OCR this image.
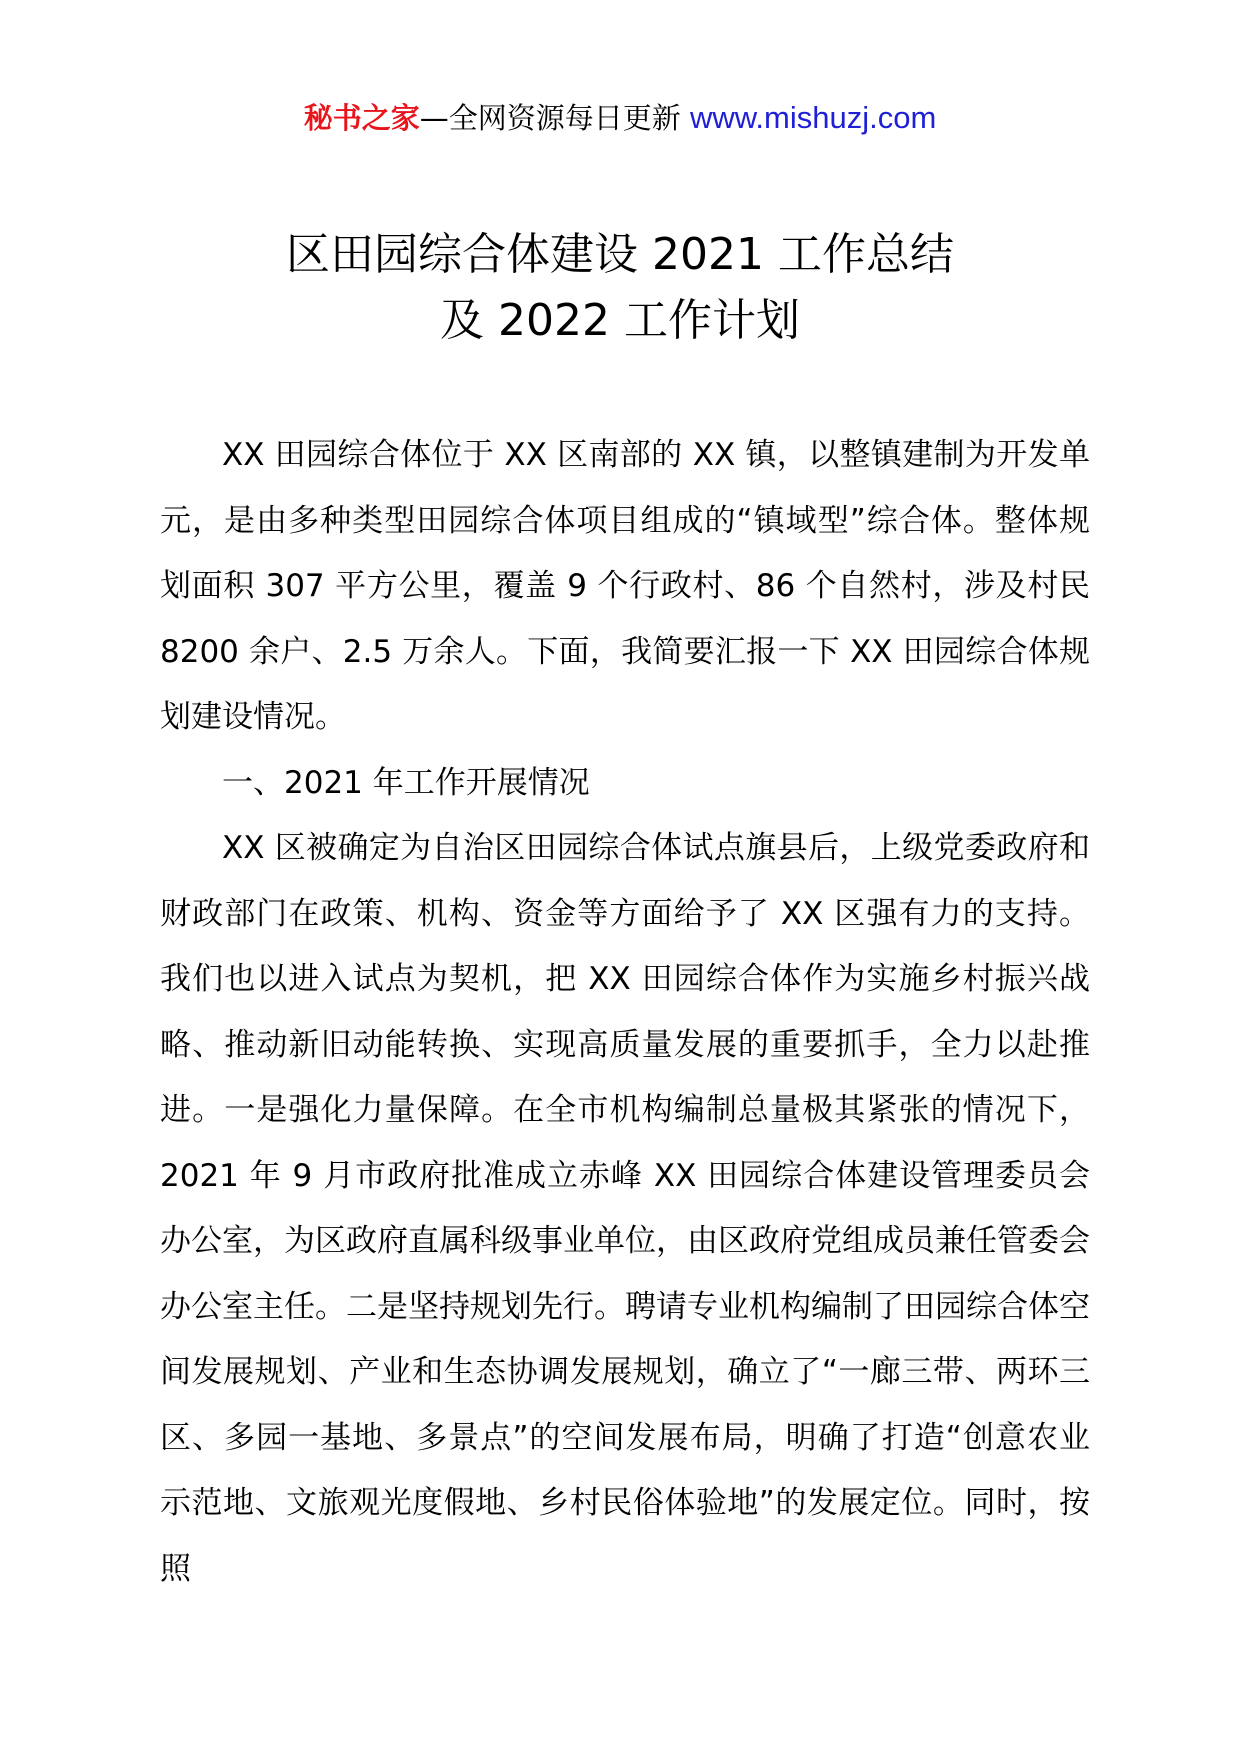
秘书之家—全网资源每日更新 www.mishuzj.com
区田园综合体建设 2021 工作总结
及 2022 工作计划

XX 田园综合体位于 XX 区南部的 XX 镇，以整镇建制为开发单元，是由多种类型田园综合体项目组成的“镇域型”综合体。整体规划面积 307 平方公里，覆盖 9 个行政村、86 个自然村，涉及村民 8200 余户、2.5 万余人。下面，我简要汇报一下 XX 田园综合体规划建设情况。

一、2021 年工作开展情况

XX 区被确定为自治区田园综合体试点旗县后，上级党委政府和财政部门在政策、机构、资金等方面给予了 XX 区强有力的支持。我们也以进入试点为契机，把 XX 田园综合体作为实施乡村振兴战略、推动新旧动能转换、实现高质量发展的重要抓手，全力以赴推进。一是强化力量保障。在全市机构编制总量极其紧张的情况下，2021 年 9 月市政府批准成立赤峰 XX 田园综合体建设管理委员会办公室，为区政府直属科级事业单位，由区政府党组成员兼任管委会办公室主任。二是坚持规划先行。聘请专业机构编制了田园综合体空间发展规划、产业和生态协调发展规划，确立了“一廊三带、两环三区、多园一基地、多景点”的空间发展布局，明确了打造“创意农业示范地、文旅观光度假地、乡村民俗体验地”的发展定位。同时，按照
